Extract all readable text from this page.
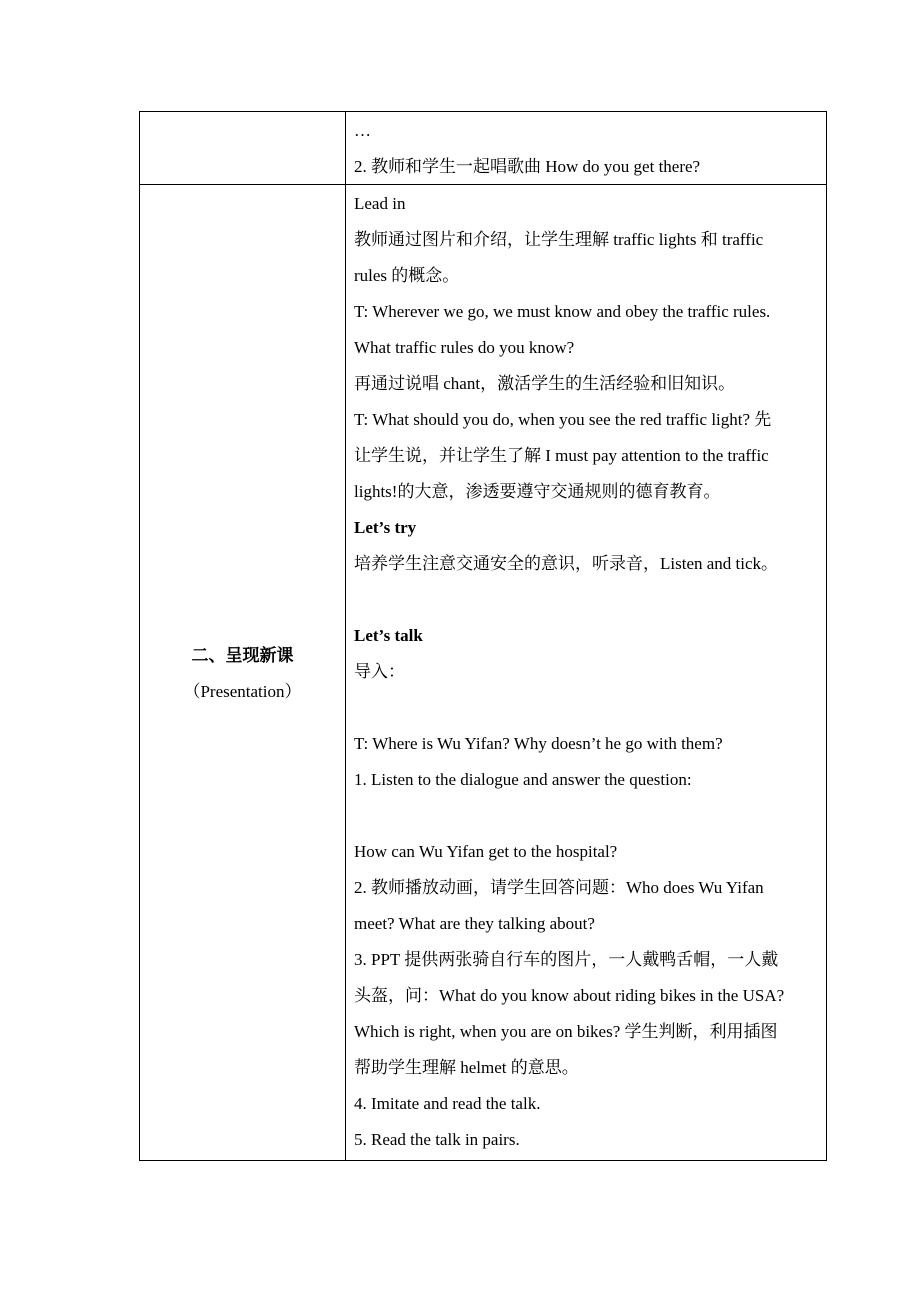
…
2. 教师和学生一起唱歌曲 How do you get there?
二、呈现新课
（Presentation）
Lead in
教师通过图片和介绍，让学生理解 traffic lights 和 traffic
rules 的概念。
T: Wherever we go, we must know and obey the traffic rules.
What traffic rules do you know?
再通过说唱 chant，激活学生的生活经验和旧知识。
T: What should you do, when you see the red traffic light? 先
让学生说，并让学生了解 I must pay attention to the traffic
lights!的大意，渗透要遵守交通规则的德育教育。
Let’s try
培养学生注意交通安全的意识，听录音，Listen and tick。
Let’s talk
导入：
T: Where is Wu Yifan? Why doesn’t he go with them?
1. Listen to the dialogue and answer the question:
How can Wu Yifan get to the hospital?
2. 教师播放动画，请学生回答问题：Who does Wu Yifan
meet? What are they talking about?
3. PPT 提供两张骑自行车的图片，一人戴鸭舌帽，一人戴
头盔，问：What do you know about riding bikes in the USA?
Which is right, when you are on bikes? 学生判断，利用插图
帮助学生理解 helmet 的意思。
4. Imitate and read the talk.
5. Read the talk in pairs.
